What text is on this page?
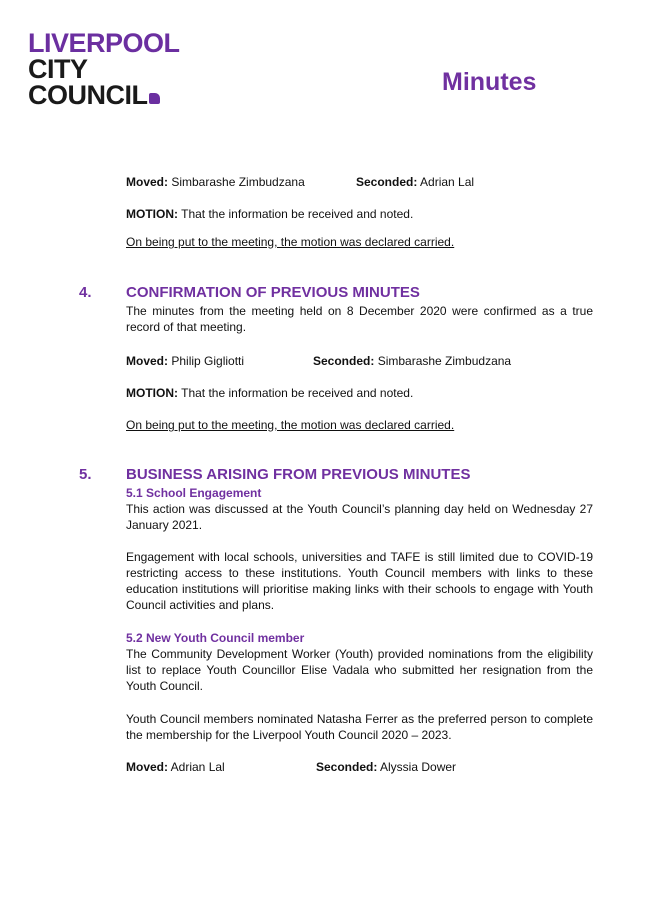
LIVERPOOL
CITY
COUNCIL	Minutes
Moved: Simbarashe Zimbudzana	Seconded: Adrian Lal
MOTION: That the information be received and noted.
On being put to the meeting, the motion was declared carried.
4. CONFIRMATION OF PREVIOUS MINUTES
The minutes from the meeting held on 8 December 2020 were confirmed as a true record of that meeting.
Moved: Philip Gigliotti	Seconded: Simbarashe Zimbudzana
MOTION: That the information be received and noted.
On being put to the meeting, the motion was declared carried.
5. BUSINESS ARISING FROM PREVIOUS MINUTES
5.1 School Engagement
This action was discussed at the Youth Council’s planning day held on Wednesday 27 January 2021.
Engagement with local schools, universities and TAFE is still limited due to COVID-19 restricting access to these institutions. Youth Council members with links to these education institutions will prioritise making links with their schools to engage with Youth Council activities and plans.
5.2 New Youth Council member
The Community Development Worker (Youth) provided nominations from the eligibility list to replace Youth Councillor Elise Vadala who submitted her resignation from the Youth Council.
Youth Council members nominated Natasha Ferrer as the preferred person to complete the membership for the Liverpool Youth Council 2020 – 2023.
Moved: Adrian Lal	Seconded: Alyssia Dower
